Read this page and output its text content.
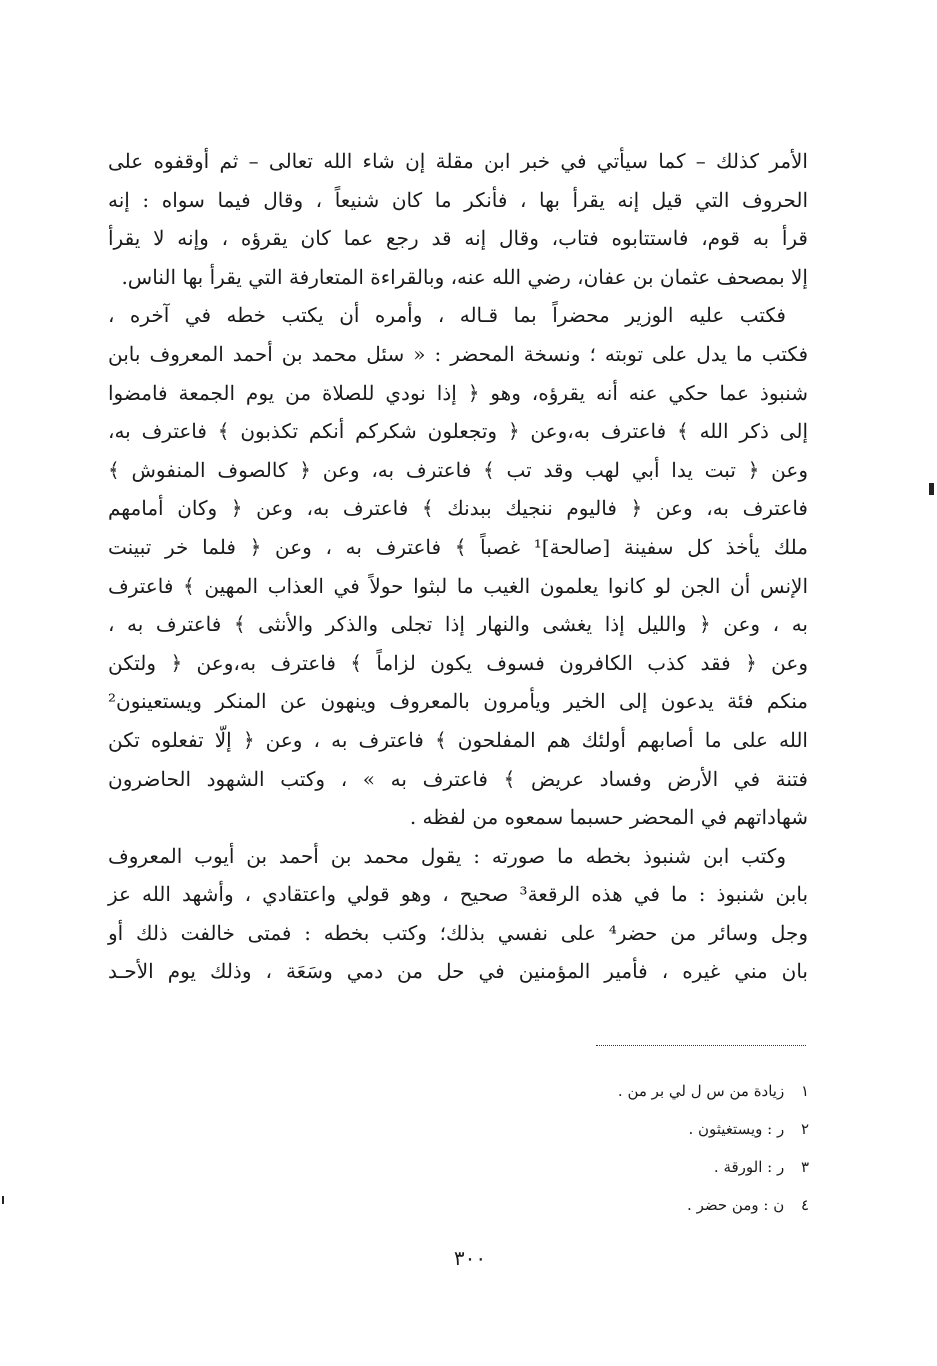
الأمر كذلك – كما سيأتي في خبر ابن مقلة إن شاء الله تعالى – ثم أوقفوه على
الحروف التي قيل إنه يقرأ بها ، فأنكر ما كان شنيعاً ، وقال فيما سواه : إنه
قرأ به قوم، فاستتابوه فتاب، وقال إنه قد رجع عما كان يقرؤه ، وإنه لا يقرأ
إلا بمصحف عثمان بن عفان، رضي الله عنه، وبالقراءة المتعارفة التي يقرأ بها الناس.
فكتب عليه الوزير محضراً بما قـاله ، وأمره أن يكتب خطه في آخره ،
فكتب ما يدل على توبته ؛ ونسخة المحضر : « سئل محمد بن أحمد المعروف بابن
شنبوذ عما حكي عنه أنه يقرؤه، وهو ﴿ إذا نودي للصلاة من يوم الجمعة فامضوا
إلى ذكر الله ﴾ فاعترف به،وعن ﴿ وتجعلون شكركم أنكم تكذبون ﴾ فاعترف به،
وعن ﴿ تبت يدا أبي لهب وقد تب ﴾ فاعترف به، وعن ﴿ كالصوف المنفوش ﴾
فاعترف به، وعن ﴿ فاليوم ننجيك ببدنك ﴾ فاعترف به، وعن ﴿ وكان أمامهم
ملك يأخذ كل سفينة [صالحة]¹ غصباً ﴾ فاعترف به ، وعن ﴿ فلما خر تبينت
الإنس أن الجن لو كانوا يعلمون الغيب ما لبثوا حولاً في العذاب المهين ﴾ فاعترف
به ، وعن ﴿ والليل إذا يغشى والنهار إذا تجلى والذكر والأنثى ﴾ فاعترف به ،
وعن ﴿ فقد كذب الكافرون فسوف يكون لزاماً ﴾ فاعترف به،وعن ﴿ ولتكن
منكم فئة يدعون إلى الخير ويأمرون بالمعروف وينهون عن المنكر ويستعينون²
الله على ما أصابهم أولئك هم المفلحون ﴾ فاعترف به ، وعن ﴿ إلّا تفعلوه تكن
فتنة في الأرض وفساد عريض ﴾ فاعترف به » ، وكتب الشهود الحاضرون
شهاداتهم في المحضر حسبما سمعوه من لفظه .
وكتب ابن شنبوذ بخطه ما صورته : يقول محمد بن أحمد بن أيوب المعروف
بابن شنبوذ : ما في هذه الرقعة³ صحيح ، وهو قولي واعتقادي ، وأشهد الله عز
وجل وسائر من حضر⁴ على نفسي بذلك؛ وكتب بخطه : فمتى خالفت ذلك أو
بان مني غيره ، فأمير المؤمنين في حل من دمي وسَعَة ، وذلك يوم الأحـد
١ زيادة من س ل لي بر من .
٢ ر : ويستغيثون .
٣ ر : الورقة .
٤ ن : ومن حضر .
٣٠٠
